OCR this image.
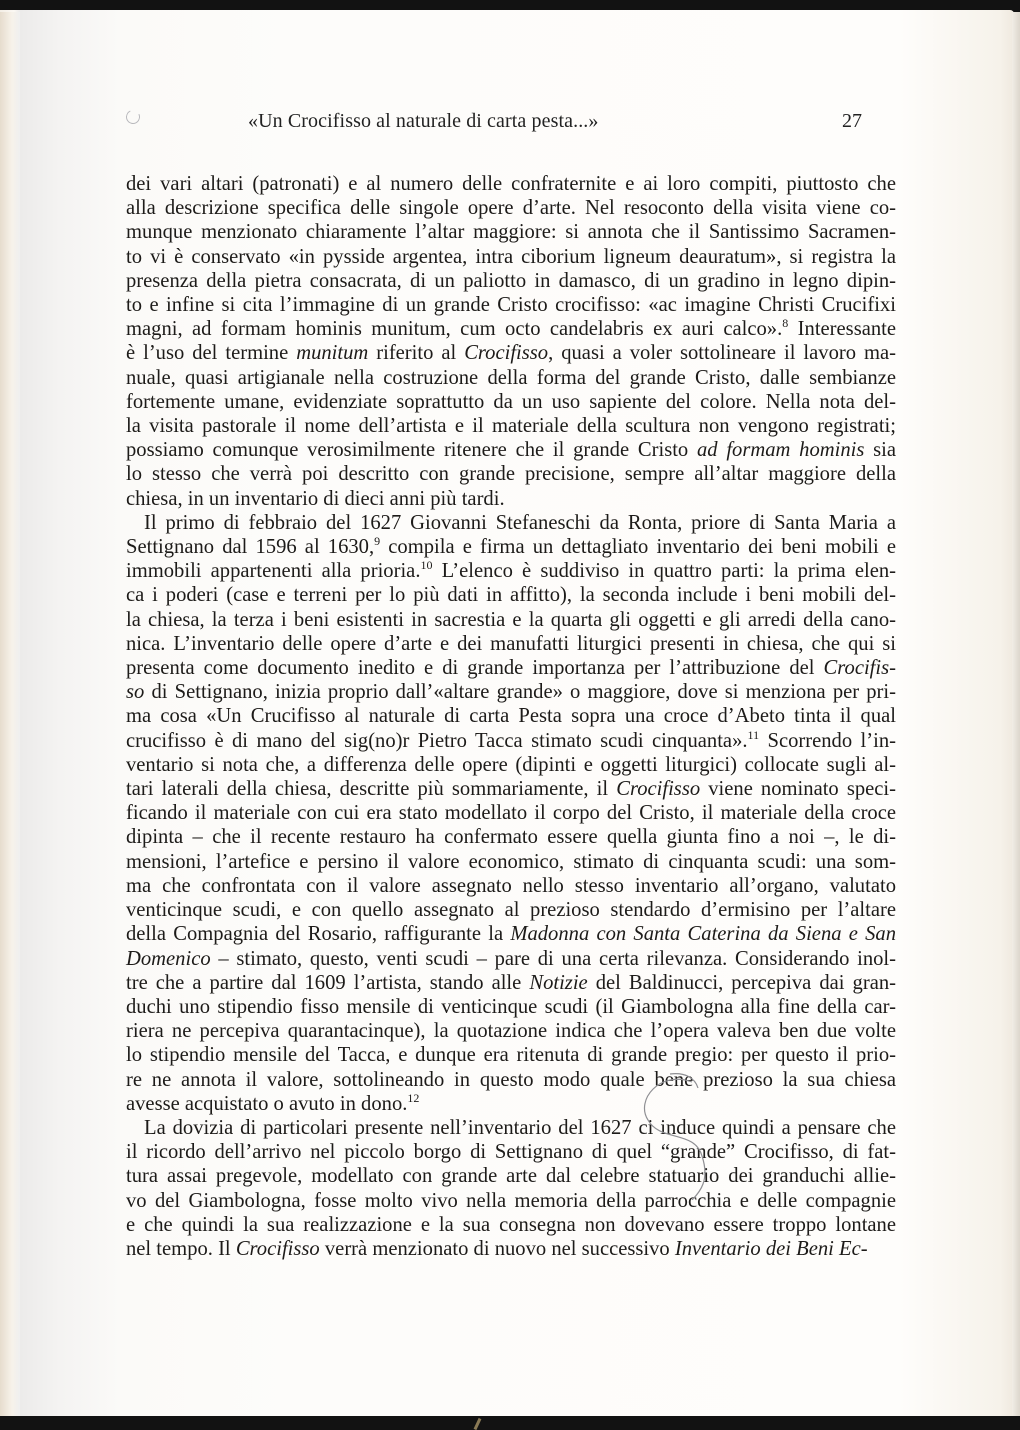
«Un Crocifisso al naturale di carta pesta...»	27
dei vari altari (patronati) e al numero delle confraternite e ai loro compiti, piuttosto che
alla descrizione specifica delle singole opere d’arte. Nel resoconto della visita viene co-
munque menzionato chiaramente l’altar maggiore: si annota che il Santissimo Sacramen-
to vi è conservato «in pysside argentea, intra ciborium ligneum deauratum», si registra la
presenza della pietra consacrata, di un paliotto in damasco, di un gradino in legno dipin-
to e infine si cita l’immagine di un grande Cristo crocifisso: «ac imagine Christi Crucifixi
magni, ad formam hominis munitum, cum octo candelabris ex auri calco».$^8$ Interessante
è l’uso del termine munitum riferito al Crocifisso, quasi a voler sottolineare il lavoro ma-
nuale, quasi artigianale nella costruzione della forma del grande Cristo, dalle sembianze
fortemente umane, evidenziate soprattutto da un uso sapiente del colore. Nella nota del-
la visita pastorale il nome dell’artista e il materiale della scultura non vengono registrati;
possiamo comunque verosimilmente ritenere che il grande Cristo ad formam hominis sia
lo stesso che verrà poi descritto con grande precisione, sempre all’altar maggiore della
chiesa, in un inventario di dieci anni più tardi.
Il primo di febbraio del 1627 Giovanni Stefaneschi da Ronta, priore di Santa Maria a
Settignano dal 1596 al 1630,$^9$ compila e firma un dettagliato inventario dei beni mobili e
immobili appartenenti alla prioria.$^{10}$ L’elenco è suddiviso in quattro parti: la prima elen-
ca i poderi (case e terreni per lo più dati in affitto), la seconda include i beni mobili del-
la chiesa, la terza i beni esistenti in sacrestia e la quarta gli oggetti e gli arredi della cano-
nica. L’inventario delle opere d’arte e dei manufatti liturgici presenti in chiesa, che qui si
presenta come documento inedito e di grande importanza per l’attribuzione del Crocifis-
so di Settignano, inizia proprio dall’«altare grande» o maggiore, dove si menziona per pri-
ma cosa «Un Crucifisso al naturale di carta Pesta sopra una croce d’Abeto tinta il qual
crucifisso è di mano del sig(no)r Pietro Tacca stimato scudi cinquanta».$^{11}$ Scorrendo l’in-
ventario si nota che, a differenza delle opere (dipinti e oggetti liturgici) collocate sugli al-
tari laterali della chiesa, descritte più sommariamente, il Crocifisso viene nominato speci-
ficando il materiale con cui era stato modellato il corpo del Cristo, il materiale della croce
dipinta – che il recente restauro ha confermato essere quella giunta fino a noi –, le di-
mensioni, l’artefice e persino il valore economico, stimato di cinquanta scudi: una som-
ma che confrontata con il valore assegnato nello stesso inventario all’organo, valutato
venticinque scudi, e con quello assegnato al prezioso stendardo d’ermisino per l’altare
della Compagnia del Rosario, raffigurante la Madonna con Santa Caterina da Siena e San
Domenico – stimato, questo, venti scudi – pare di una certa rilevanza. Considerando inol-
tre che a partire dal 1609 l’artista, stando alle Notizie del Baldinucci, percepiva dai gran-
duchi uno stipendio fisso mensile di venticinque scudi (il Giambologna alla fine della car-
riera ne percepiva quarantacinque), la quotazione indica che l’opera valeva ben due volte
lo stipendio mensile del Tacca, e dunque era ritenuta di grande pregio: per questo il prio-
re ne annota il valore, sottolineando in questo modo quale bene prezioso la sua chiesa
avesse acquistato o avuto in dono.$^{12}$
La dovizia di particolari presente nell’inventario del 1627 ci induce quindi a pensare che
il ricordo dell’arrivo nel piccolo borgo di Settignano di quel “grande” Crocifisso, di fat-
tura assai pregevole, modellato con grande arte dal celebre statuario dei granduchi allie-
vo del Giambologna, fosse molto vivo nella memoria della parrocchia e delle compagnie
e che quindi la sua realizzazione e la sua consegna non dovevano essere troppo lontane
nel tempo. Il Crocifisso verrà menzionato di nuovo nel successivo Inventario dei Beni Ec-
